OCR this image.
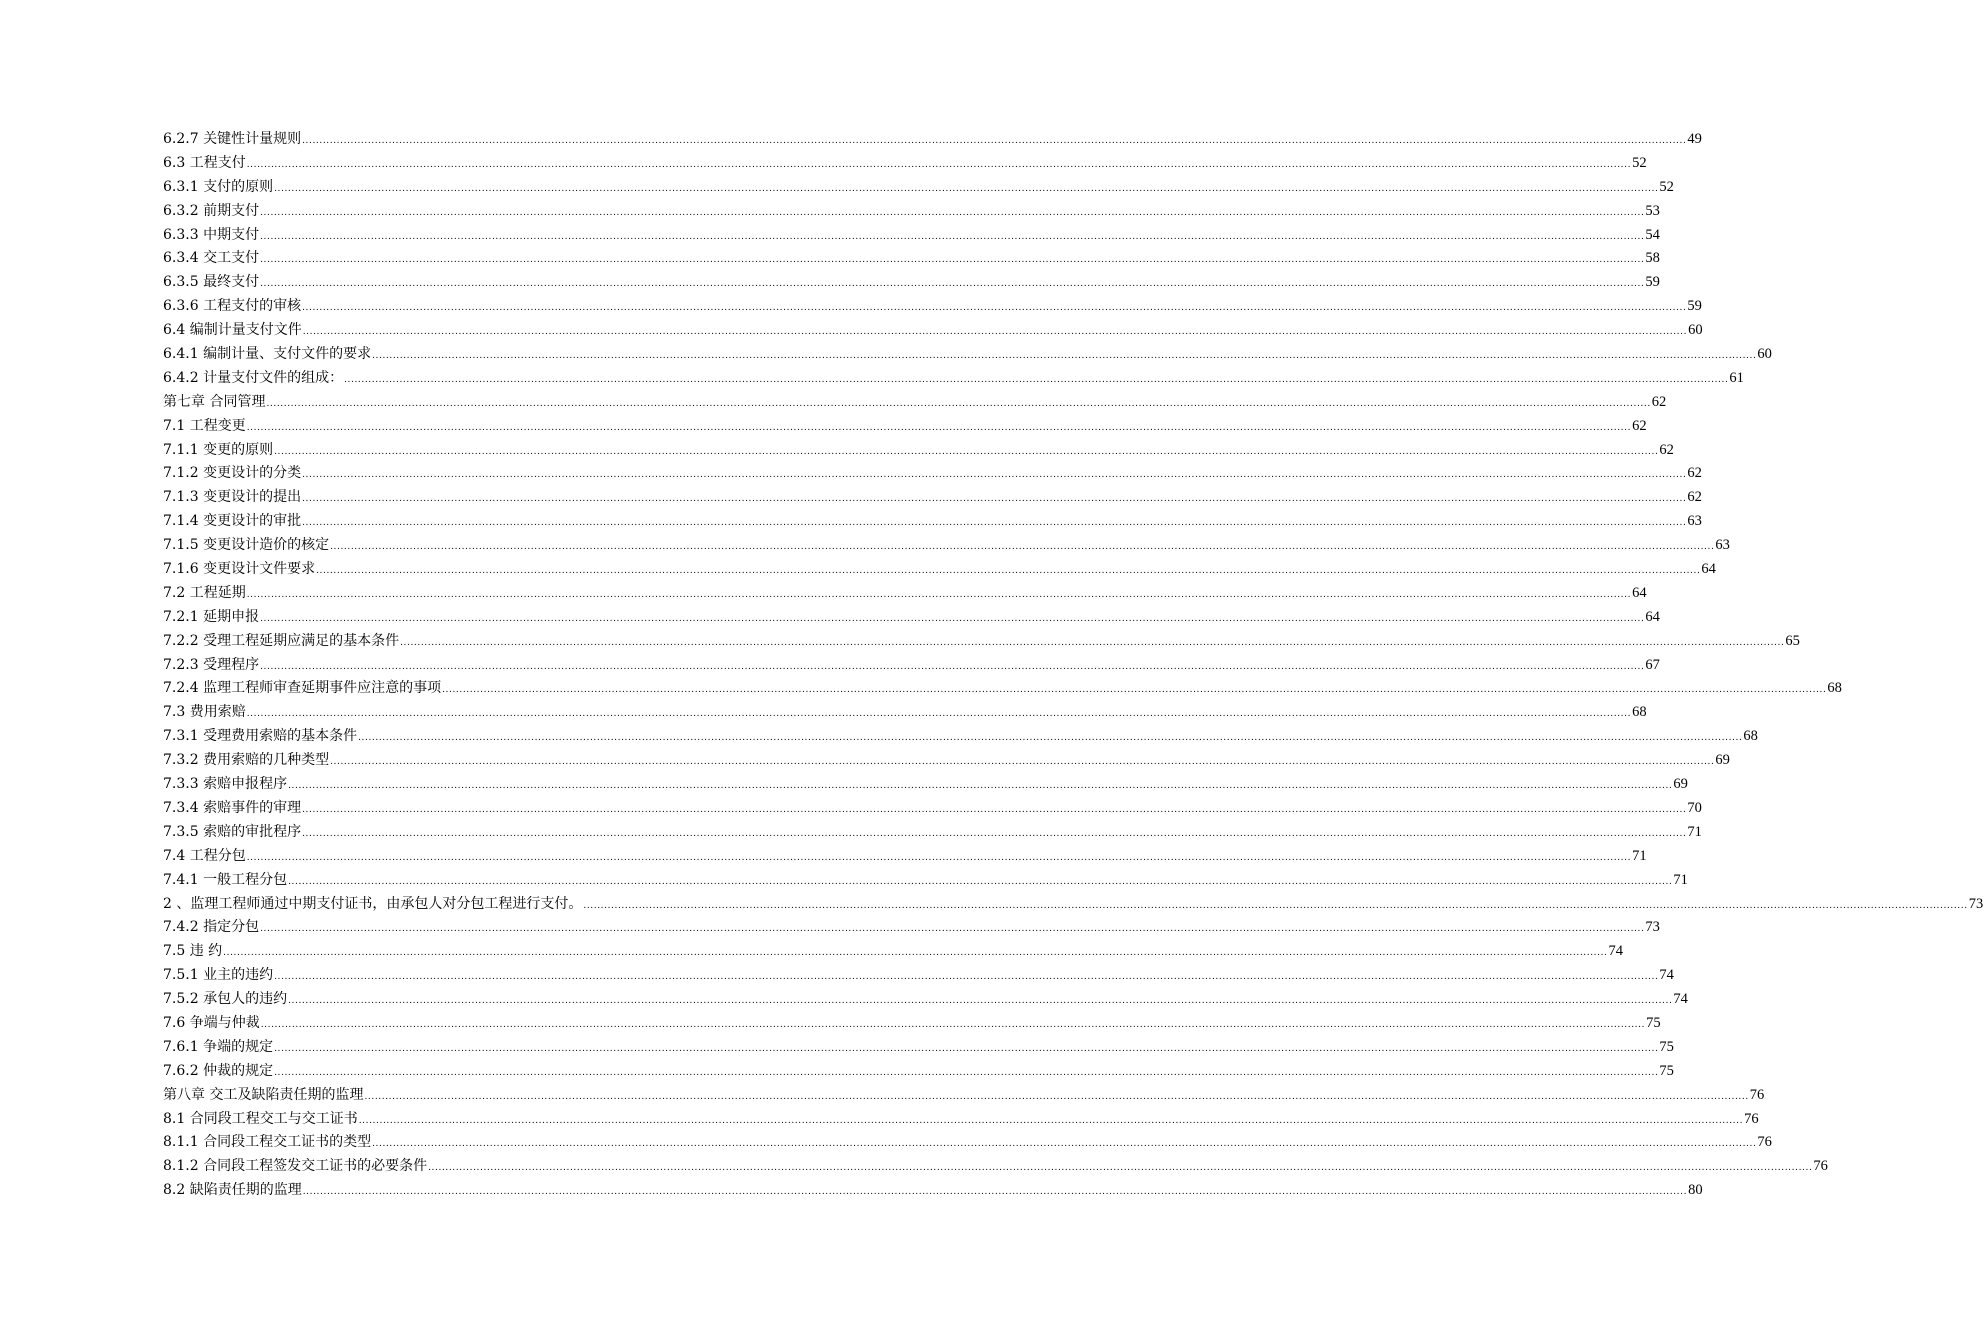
6.2.7 关键性计量规则 ................................................................................................................................................................................................................................................................................................................................................................................................................ 49
6.3 工程支付 ................................................................................................................................................................................................................................................................................................................................................................................................................ 52
6.3.1 支付的原则 ................................................................................................................................................................................................................................................................................................................................................................................................................ 52
6.3.2 前期支付 ................................................................................................................................................................................................................................................................................................................................................................................................................ 53
6.3.3 中期支付 ................................................................................................................................................................................................................................................................................................................................................................................................................ 54
6.3.4 交工支付 ................................................................................................................................................................................................................................................................................................................................................................................................................ 58
6.3.5 最终支付 ................................................................................................................................................................................................................................................................................................................................................................................................................ 59
6.3.6 工程支付的审核 ................................................................................................................................................................................................................................................................................................................................................................................................................ 59
6.4 编制计量支付文件 ................................................................................................................................................................................................................................................................................................................................................................................................................ 60
6.4.1 编制计量、支付文件的要求 ................................................................................................................................................................................................................................................................................................................................................................................................................ 60
6.4.2 计量支付文件的组成： ................................................................................................................................................................................................................................................................................................................................................................................................................ 61
第七章 合同管理 ................................................................................................................................................................................................................................................................................................................................................................................................................ 62
7.1 工程变更 ................................................................................................................................................................................................................................................................................................................................................................................................................ 62
7.1.1 变更的原则 ................................................................................................................................................................................................................................................................................................................................................................................................................ 62
7.1.2 变更设计的分类 ................................................................................................................................................................................................................................................................................................................................................................................................................ 62
7.1.3 变更设计的提出 ................................................................................................................................................................................................................................................................................................................................................................................................................ 62
7.1.4 变更设计的审批 ................................................................................................................................................................................................................................................................................................................................................................................................................ 63
7.1.5 变更设计造价的核定 ................................................................................................................................................................................................................................................................................................................................................................................................................ 63
7.1.6 变更设计文件要求 ................................................................................................................................................................................................................................................................................................................................................................................................................ 64
7.2 工程延期 ................................................................................................................................................................................................................................................................................................................................................................................................................ 64
7.2.1 延期申报 ................................................................................................................................................................................................................................................................................................................................................................................................................ 64
7.2.2 受理工程延期应满足的基本条件 ................................................................................................................................................................................................................................................................................................................................................................................................................ 65
7.2.3 受理程序 ................................................................................................................................................................................................................................................................................................................................................................................................................ 67
7.2.4 监理工程师审查延期事件应注意的事项 ................................................................................................................................................................................................................................................................................................................................................................................................................ 68
7.3 费用索赔 ................................................................................................................................................................................................................................................................................................................................................................................................................ 68
7.3.1 受理费用索赔的基本条件 ................................................................................................................................................................................................................................................................................................................................................................................................................ 68
7.3.2 费用索赔的几种类型 ................................................................................................................................................................................................................................................................................................................................................................................................................ 69
7.3.3 索赔申报程序 ................................................................................................................................................................................................................................................................................................................................................................................................................ 69
7.3.4 索赔事件的审理 ................................................................................................................................................................................................................................................................................................................................................................................................................ 70
7.3.5 索赔的审批程序 ................................................................................................................................................................................................................................................................................................................................................................................................................ 71
7.4 工程分包 ................................................................................................................................................................................................................................................................................................................................................................................................................ 71
7.4.1 一般工程分包 ................................................................................................................................................................................................................................................................................................................................................................................................................ 71
2 、监理工程师通过中期支付证书，由承包人对分包工程进行支付。 ................................................................................................................................................................................................................................................................................................................................................................................................................ 73
7.4.2 指定分包 ................................................................................................................................................................................................................................................................................................................................................................................................................ 73
7.5 违 约 ................................................................................................................................................................................................................................................................................................................................................................................................................ 74
7.5.1 业主的违约 ................................................................................................................................................................................................................................................................................................................................................................................................................ 74
7.5.2 承包人的违约 ................................................................................................................................................................................................................................................................................................................................................................................................................ 74
7.6 争端与仲裁 ................................................................................................................................................................................................................................................................................................................................................................................................................ 75
7.6.1 争端的规定 ................................................................................................................................................................................................................................................................................................................................................................................................................ 75
7.6.2 仲裁的规定 ................................................................................................................................................................................................................................................................................................................................................................................................................ 75
第八章 交工及缺陷责任期的监理 ................................................................................................................................................................................................................................................................................................................................................................................................................ 76
8.1 合同段工程交工与交工证书 ................................................................................................................................................................................................................................................................................................................................................................................................................ 76
8.1.1 合同段工程交工证书的类型 ................................................................................................................................................................................................................................................................................................................................................................................................................ 76
8.1.2 合同段工程签发交工证书的必要条件 ................................................................................................................................................................................................................................................................................................................................................................................................................ 76
8.2 缺陷责任期的监理 ................................................................................................................................................................................................................................................................................................................................................................................................................ 80
